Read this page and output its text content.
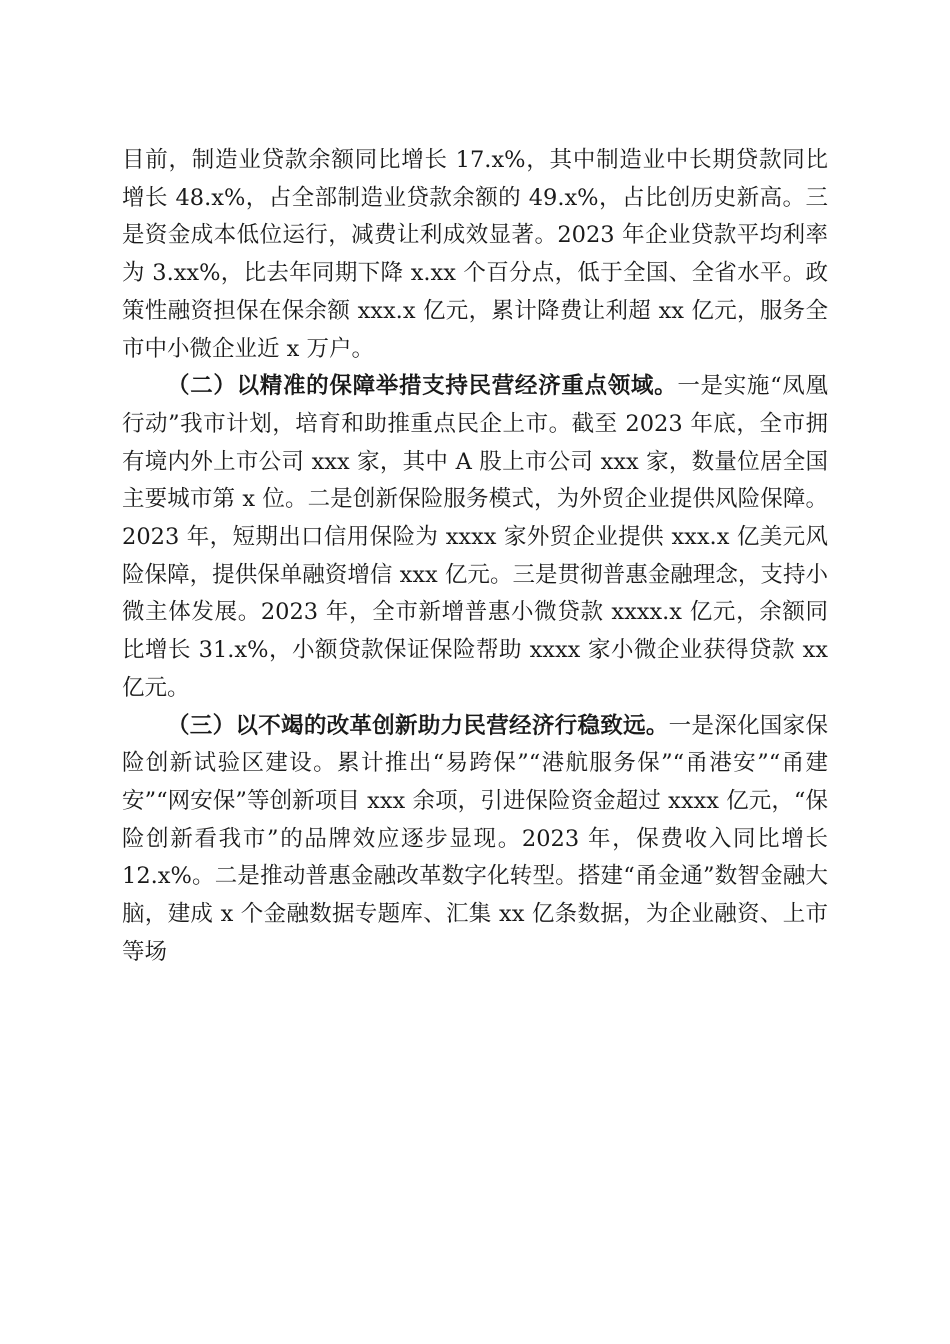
目前，制造业贷款余额同比增长 17.x%，其中制造业中长期贷款同比增长 48.x%，占全部制造业贷款余额的 49.x%，占比创历史新高。三是资金成本低位运行，减费让利成效显著。2023 年企业贷款平均利率为 3.xx%，比去年同期下降 x.xx 个百分点，低于全国、全省水平。政策性融资担保在保余额 xxx.x 亿元，累计降费让利超 xx 亿元，服务全市中小微企业近 x 万户。

（二）以精准的保障举措支持民营经济重点领域。一是实施“凤凰行动”我市计划，培育和助推重点民企上市。截至 2023 年底，全市拥有境内外上市公司 xxx 家，其中 A 股上市公司 xxx 家，数量位居全国主要城市第 x 位。二是创新保险服务模式，为外贸企业提供风险保障。2023 年，短期出口信用保险为 xxxx 家外贸企业提供 xxx.x 亿美元风险保障，提供保单融资增信 xxx 亿元。三是贯彻普惠金融理念，支持小微主体发展。2023 年，全市新增普惠小微贷款 xxxx.x 亿元，余额同比增长 31.x%，小额贷款保证保险帮助 xxxx 家小微企业获得贷款 xx 亿元。

（三）以不竭的改革创新助力民营经济行稳致远。一是深化国家保险创新试验区建设。累计推出“易跨保”“港航服务保”“甬港安”“甬建安”“网安保”等创新项目 xxx 余项，引进保险资金超过 xxxx 亿元，“保险创新看我市”的品牌效应逐步显现。2023 年，保费收入同比增长 12.x%。二是推动普惠金融改革数字化转型。搭建“甬金通”数智金融大脑，建成 x 个金融数据专题库、汇集 xx 亿条数据，为企业融资、上市等场
